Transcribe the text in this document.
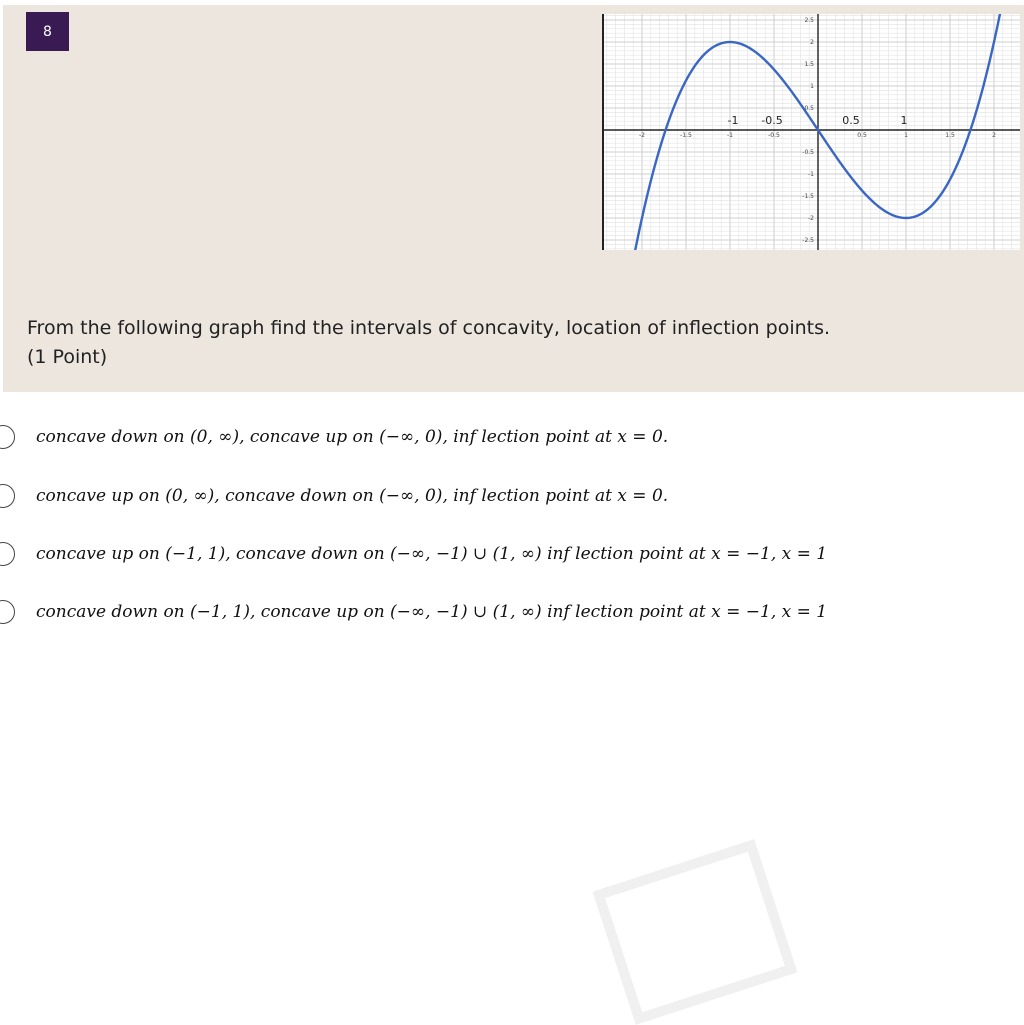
8
-2	-1.5	-1	-0.5	0.5	1	1.5	2
2.5
2
1.5
1
0.5
-0.5
-1
-1.5
-2
-2.5
-1 -0.5	0.5	1
From the following graph find the intervals of concavity, location of inflection points.
(1 Point)
concave down on (0, ∞), concave up on (−∞, 0), inf lection point at x = 0.
concave up on (0, ∞), concave down on (−∞, 0), inf lection point at x = 0.
concave up on (−1, 1), concave down on (−∞, −1) ∪ (1, ∞) inf lection point at x = −1, x = 1
concave down on (−1, 1), concave up on (−∞, −1) ∪ (1, ∞) inf lection point at x = −1, x = 1
